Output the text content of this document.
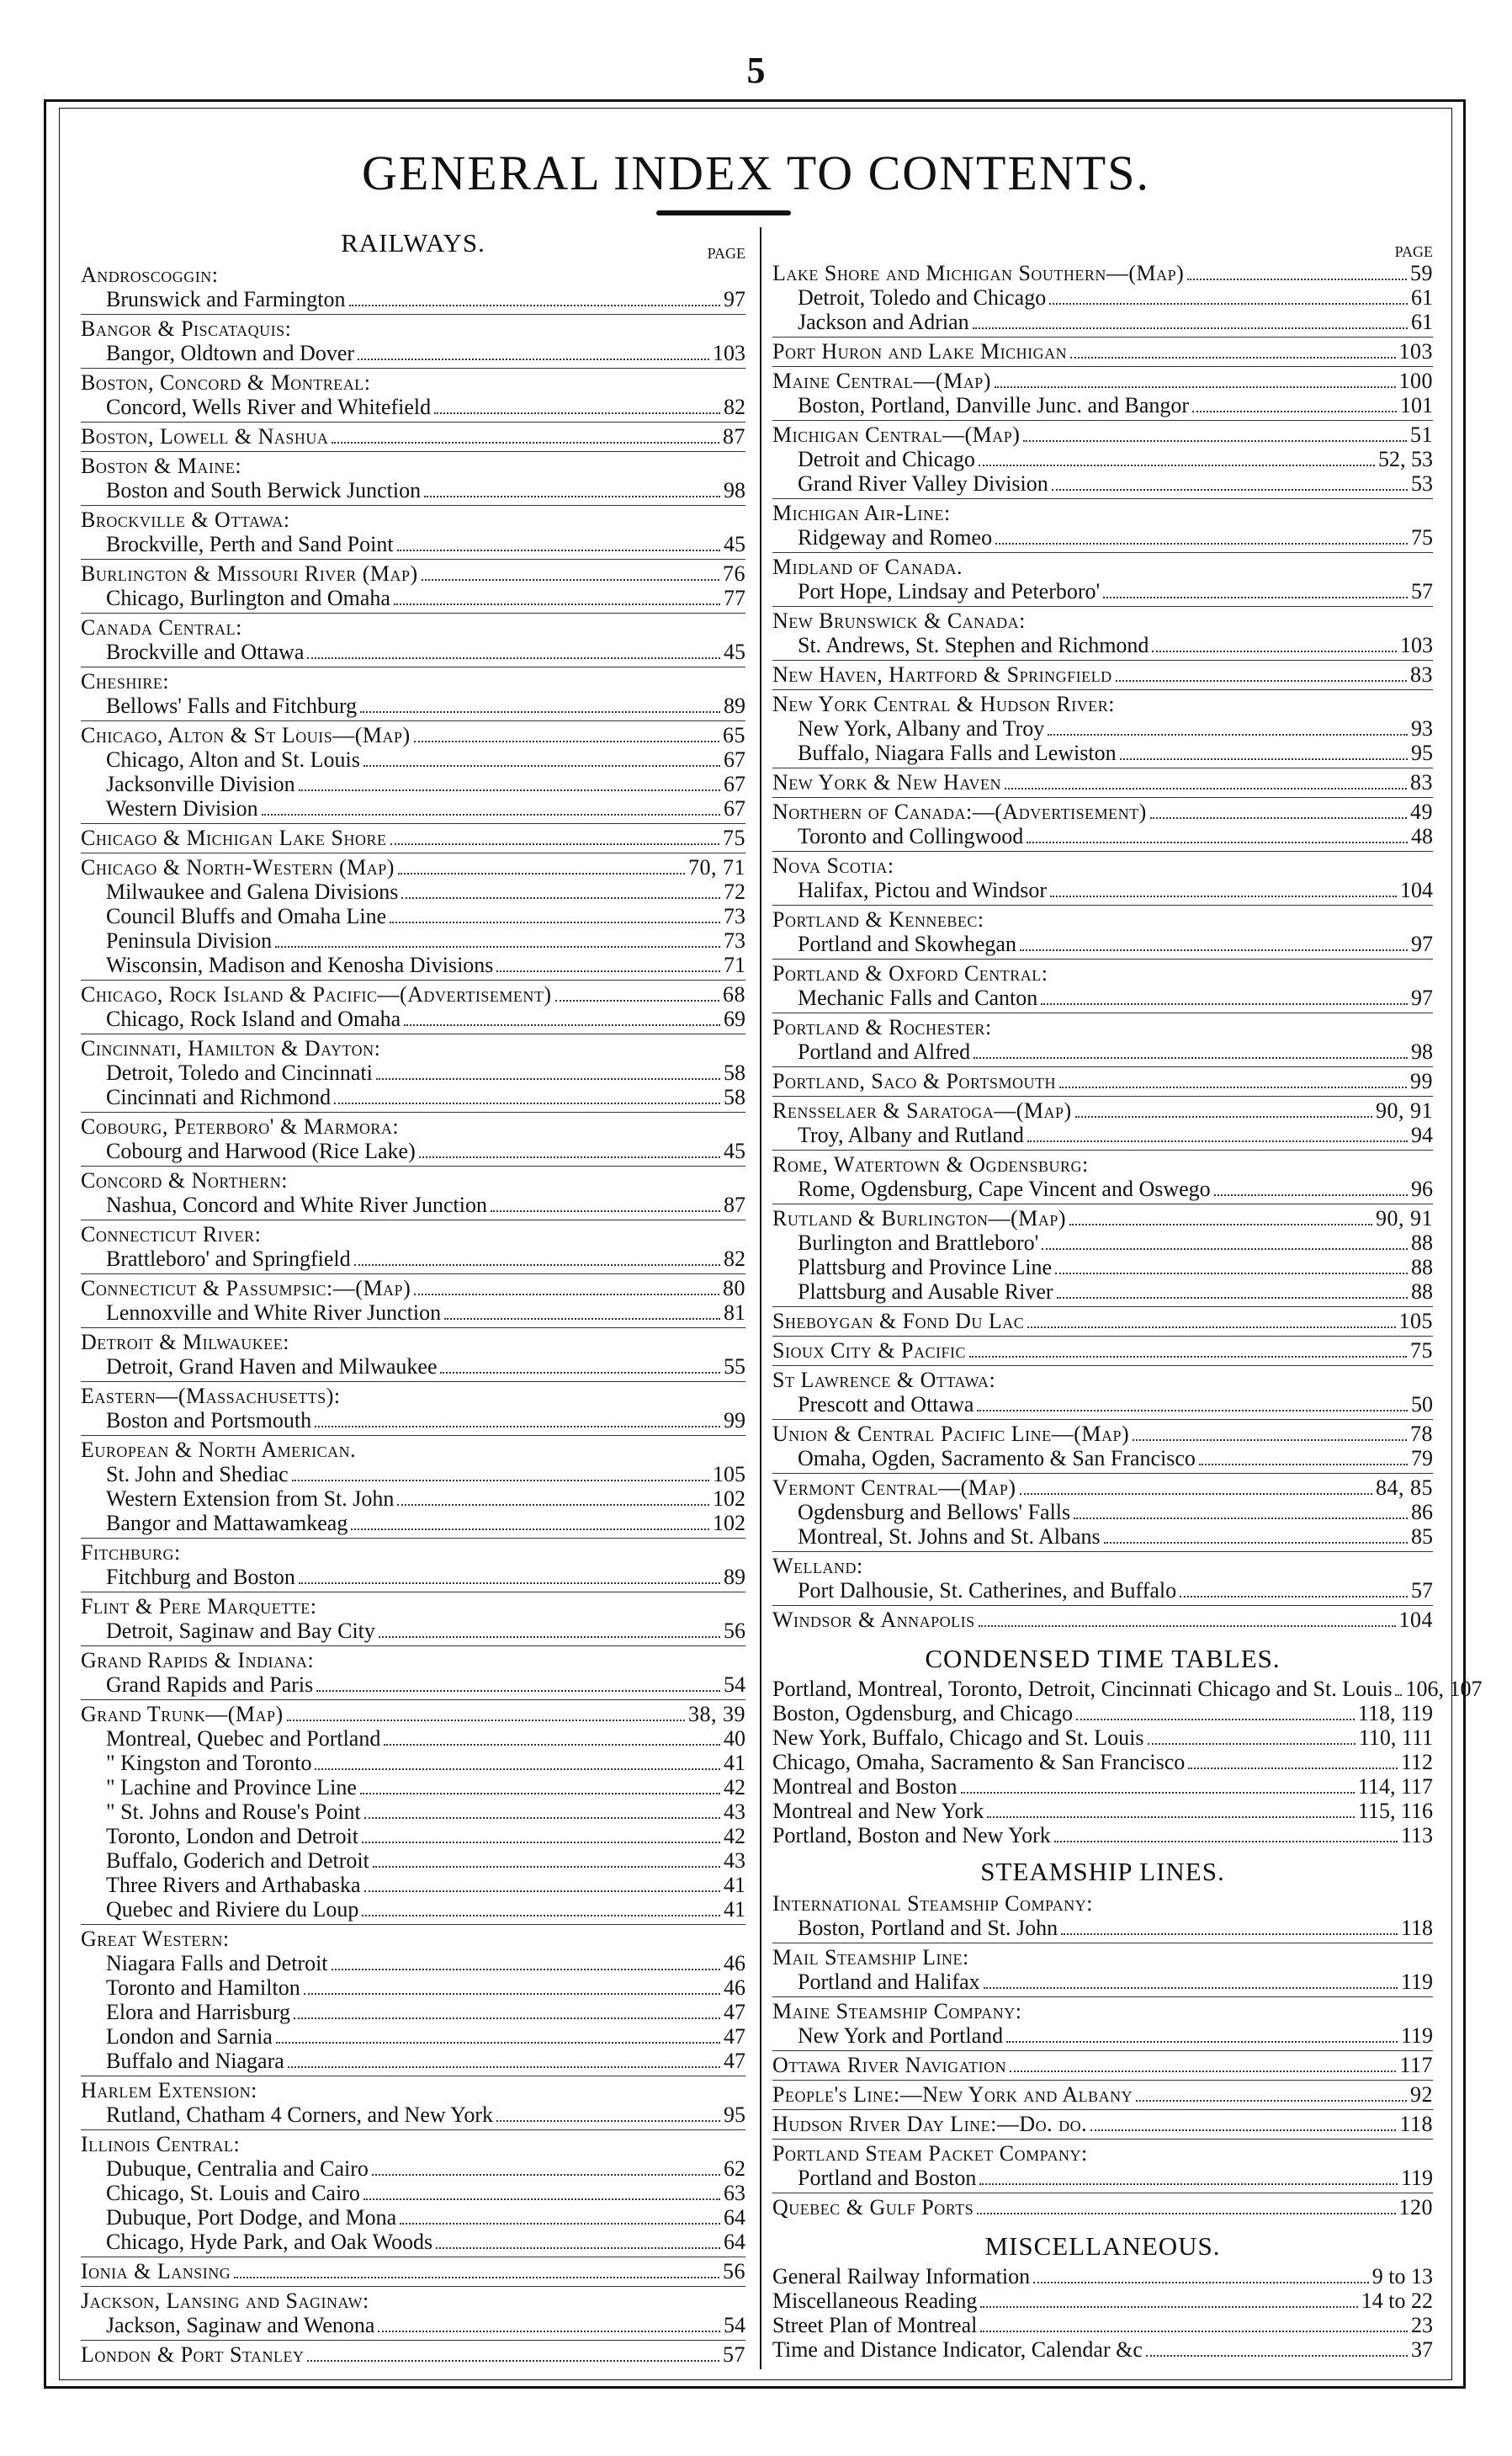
5
GENERAL INDEX TO CONTENTS.
RAILWAYS.	PAGE
Androscoggin:
Brunswick and Farmington	97
Bangor & Piscataquis:
Bangor, Oldtown and Dover	103
Boston, Concord & Montreal:
Concord, Wells River and Whitefield	82
Boston, Lowell & Nashua	87
Boston & Maine:
Boston and South Berwick Junction	98
Brockville & Ottawa:
Brockville, Perth and Sand Point	45
Burlington & Missouri River (Map)	76
Chicago, Burlington and Omaha	77
Canada Central:
Brockville and Ottawa	45
Cheshire:
Bellows' Falls and Fitchburg	89
Chicago, Alton & St Louis—(Map)	65
Chicago, Alton and St. Louis	67
Jacksonville Division	67
Western Division	67
Chicago & Michigan Lake Shore	75
Chicago & North-Western (Map)	70, 71
Milwaukee and Galena Divisions	72
Council Bluffs and Omaha Line	73
Peninsula Division	73
Wisconsin, Madison and Kenosha Divisions	71
Chicago, Rock Island & Pacific—(Advertisement)	68
Chicago, Rock Island and Omaha	69
Cincinnati, Hamilton & Dayton:
Detroit, Toledo and Cincinnati	58
Cincinnati and Richmond	58
Cobourg, Peterboro' & Marmora:
Cobourg and Harwood (Rice Lake)	45
Concord & Northern:
Nashua, Concord and White River Junction	87
Connecticut River:
Brattleboro' and Springfield	82
Connecticut & Passumpsic:—(Map)	80
Lennoxville and White River Junction	81
Detroit & Milwaukee:
Detroit, Grand Haven and Milwaukee	55
Eastern—(Massachusetts):
Boston and Portsmouth	99
European & North American.
St. John and Shediac	105
Western Extension from St. John	102
Bangor and Mattawamkeag	102
Fitchburg:
Fitchburg and Boston	89
Flint & Pere Marquette:
Detroit, Saginaw and Bay City	56
Grand Rapids & Indiana:
Grand Rapids and Paris	54
Grand Trunk—(Map)	38, 39
Montreal, Quebec and Portland	40
" Kingston and Toronto	41
" Lachine and Province Line	42
" St. Johns and Rouse's Point	43
Toronto, London and Detroit	42
Buffalo, Goderich and Detroit	43
Three Rivers and Arthabaska	41
Quebec and Riviere du Loup	41
Great Western:
Niagara Falls and Detroit	46
Toronto and Hamilton	46
Elora and Harrisburg	47
London and Sarnia	47
Buffalo and Niagara	47
Harlem Extension:
Rutland, Chatham 4 Corners, and New York	95
Illinois Central:
Dubuque, Centralia and Cairo	62
Chicago, St. Louis and Cairo	63
Dubuque, Port Dodge, and Mona	64
Chicago, Hyde Park, and Oak Woods	64
Ionia & Lansing	56
Jackson, Lansing and Saginaw:
Jackson, Saginaw and Wenona	54
London & Port Stanley	57
PAGE
Lake Shore and Michigan Southern—(Map)	59
Detroit, Toledo and Chicago	61
Jackson and Adrian	61
Port Huron and Lake Michigan	103
Maine Central—(Map)	100
Boston, Portland, Danville Junc. and Bangor	101
Michigan Central—(Map)	51
Detroit and Chicago	52, 53
Grand River Valley Division	53
Michigan Air-Line:
Ridgeway and Romeo	75
Midland of Canada.
Port Hope, Lindsay and Peterboro'	57
New Brunswick & Canada:
St. Andrews, St. Stephen and Richmond	103
New Haven, Hartford & Springfield	83
New York Central & Hudson River:
New York, Albany and Troy	93
Buffalo, Niagara Falls and Lewiston	95
New York & New Haven	83
Northern of Canada:—(Advertisement)	49
Toronto and Collingwood	48
Nova Scotia:
Halifax, Pictou and Windsor	104
Portland & Kennebec:
Portland and Skowhegan	97
Portland & Oxford Central:
Mechanic Falls and Canton	97
Portland & Rochester:
Portland and Alfred	98
Portland, Saco & Portsmouth	99
Rensselaer & Saratoga—(Map)	90, 91
Troy, Albany and Rutland	94
Rome, Watertown & Ogdensburg:
Rome, Ogdensburg, Cape Vincent and Oswego	96
Rutland & Burlington—(Map)	90, 91
Burlington and Brattleboro'	88
Plattsburg and Province Line	88
Plattsburg and Ausable River	88
Sheboygan & Fond Du Lac	105
Sioux City & Pacific	75
St Lawrence & Ottawa:
Prescott and Ottawa	50
Union & Central Pacific Line—(Map)	78
Omaha, Ogden, Sacramento & San Francisco	79
Vermont Central—(Map)	84, 85
Ogdensburg and Bellows' Falls	86
Montreal, St. Johns and St. Albans	85
Welland:
Port Dalhousie, St. Catherines, and Buffalo	57
Windsor & Annapolis	104
CONDENSED TIME TABLES.
Portland, Montreal, Toronto, Detroit, Cincinnati Chicago and St. Louis 106, 107
Boston, Ogdensburg, and Chicago	118, 119
New York, Buffalo, Chicago and St. Louis	110, 111
Chicago, Omaha, Sacramento & San Francisco	112
Montreal and Boston	114, 117
Montreal and New York	115, 116
Portland, Boston and New York	113
STEAMSHIP LINES.
International Steamship Company:
Boston, Portland and St. John	118
Mail Steamship Line:
Portland and Halifax	119
Maine Steamship Company:
New York and Portland	119
Ottawa River Navigation	117
People's Line:—New York and Albany	92
Hudson River Day Line:—Do. do.	118
Portland Steam Packet Company:
Portland and Boston	119
Quebec & Gulf Ports	120
MISCELLANEOUS.
General Railway Information	9 to 13
Miscellaneous Reading	14 to 22
Street Plan of Montreal	23
Time and Distance Indicator, Calendar &c	37
